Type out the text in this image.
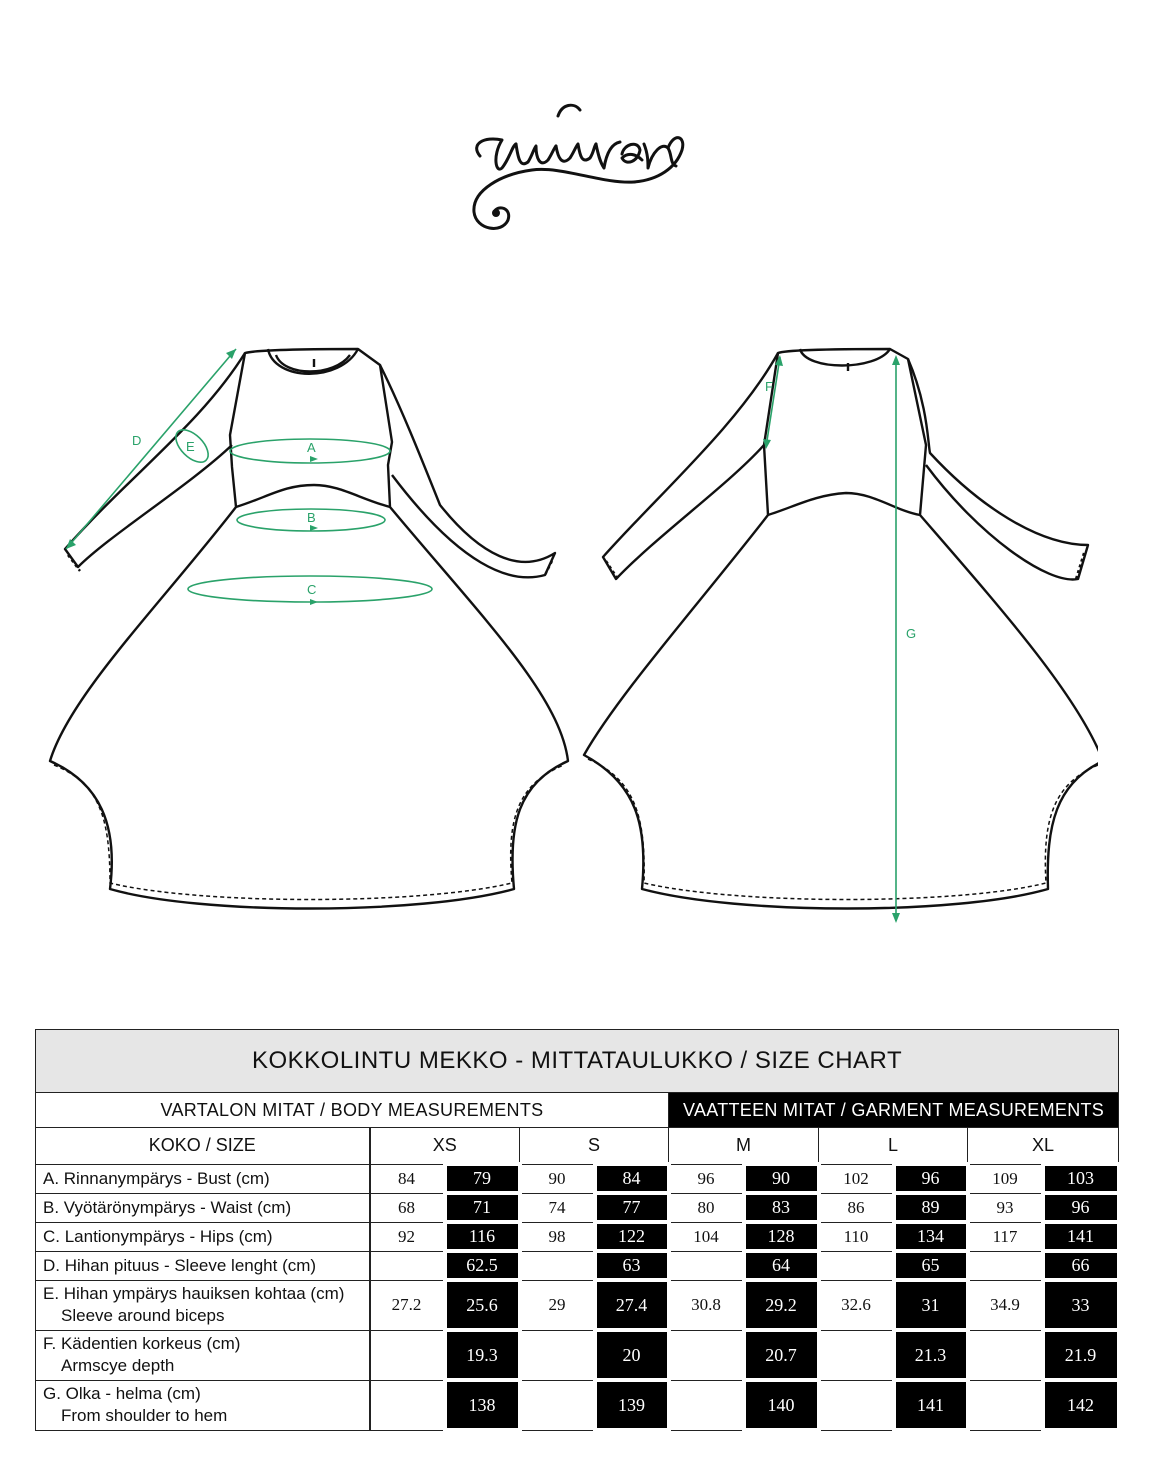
A
B
C
D	E
F
G
KOKKOLINTU MEKKO - MITTATAULUKKO / SIZE CHART										
VARTALON MITAT / BODY MEASUREMENTS					VAATTEEN MITAT / GARMENT MEASUREMENTS					
KOKO / SIZE	XS		S		M		L		XL	
A. Rinnanympärys - Bust (cm)	84	79	90	84	96	90	102	96	109	103
B. Vyötärönympärys - Waist (cm)	68	71	74	77	80	83	86	89	93	96
C. Lantionympärys - Hips (cm)	92	116	98	122	104	128	110	134	117	141
D. Hihan pituus - Sleeve lenght (cm)		62.5		63		64		65		66
E. Hihan ympärys hauiksen kohtaa (cm)
Sleeve around biceps	27.2	25.6	29	27.4	30.8	29.2	32.6	31	34.9	33
F. Kädentien korkeus (cm)
Armscye depth		19.3		20		20.7		21.3		21.9
G. Olka - helma (cm)
From shoulder to hem		138		139		140		141		142
